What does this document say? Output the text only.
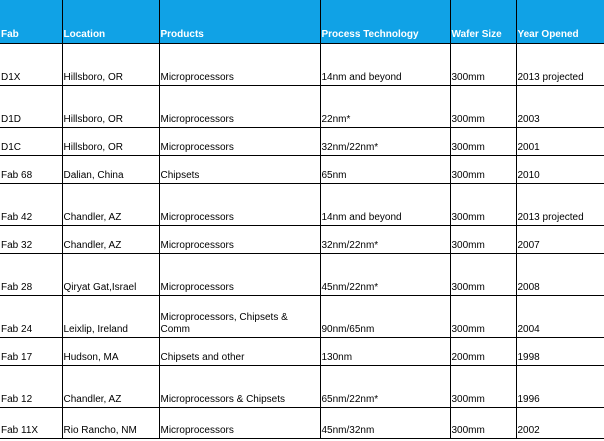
Fab	Location	Products	Process Technology	Wafer Size	Year Opened
D1X	Hillsboro, OR	Microprocessors	14nm and beyond	300mm	2013 projected
D1D	Hillsboro, OR	Microprocessors	22nm*	300mm	2003
D1C	Hillsboro, OR	Microprocessors	32nm/22nm*	300mm	2001
Fab 68	Dalian, China	Chipsets	65nm	300mm	2010
Fab 42	Chandler, AZ	Microprocessors	14nm and beyond	300mm	2013 projected
Fab 32	Chandler, AZ	Microprocessors	32nm/22nm*	300mm	2007
Fab 28	Qiryat Gat,Israel	Microprocessors	45nm/22nm*	300mm	2008
Fab 24	Leixlip, Ireland	Microprocessors, Chipsets & Comm	90nm/65nm	300mm	2004
Fab 17	Hudson, MA	Chipsets and other	130nm	200mm	1998
Fab 12	Chandler, AZ	Microprocessors & Chipsets	65nm/22nm*	300mm	1996
Fab 11X	Rio Rancho, NM	Microprocessors	45nm/32nm	300mm	2002
